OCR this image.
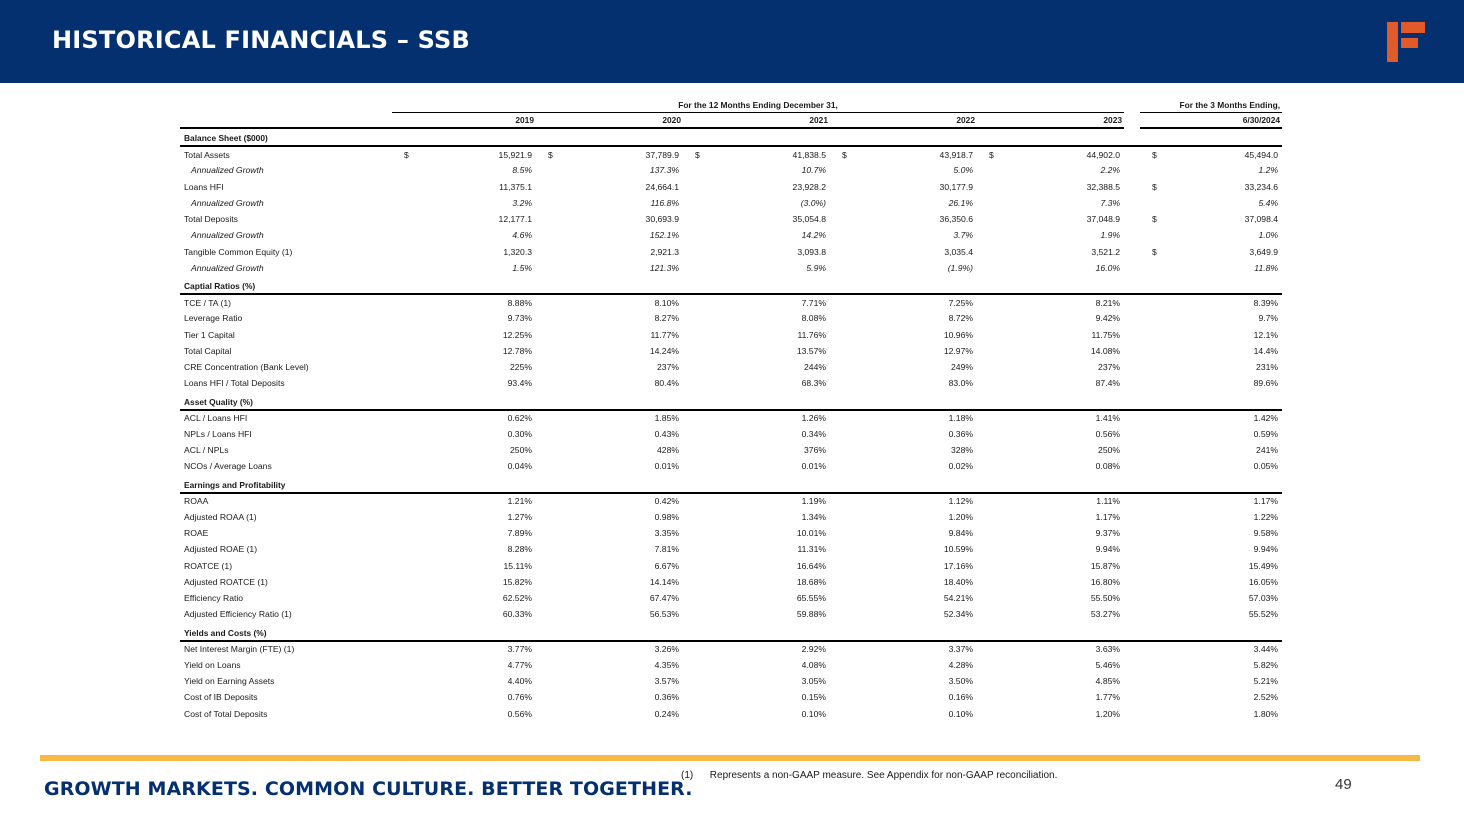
HISTORICAL FINANCIALS – SSB
	For the 12 Months Ending December 31,											For the 3 Months Ending,	
		2019		2020		2021		2022		2023			6/30/2024
Balance Sheet ($000)													
Total Assets	$	15,921.9	$	37,789.9	$	41,838.5	$	43,918.7	$	44,902.0		$	45,494.0
Annualized Growth		8.5%		137.3%		10.7%		5.0%		2.2%			1.2%
Loans HFI		11,375.1		24,664.1		23,928.2		30,177.9		32,388.5		$	33,234.6
Annualized Growth		3.2%		116.8%		(3.0%)		26.1%		7.3%			5.4%
Total Deposits		12,177.1		30,693.9		35,054.8		36,350.6		37,048.9		$	37,098.4
Annualized Growth		4.6%		152.1%		14.2%		3.7%		1.9%			1.0%
Tangible Common Equity (1)		1,320.3		2,921.3		3,093.8		3,035.4		3,521.2		$	3,649.9
Annualized Growth		1.5%		121.3%		5.9%		(1.9%)		16.0%			11.8%
Captial Ratios (%)													
TCE / TA (1)		8.88%		8.10%		7.71%		7.25%		8.21%			8.39%
Leverage Ratio		9.73%		8.27%		8.08%		8.72%		9.42%			9.7%
Tier 1 Capital		12.25%		11.77%		11.76%		10.96%		11.75%			12.1%
Total Capital		12.78%		14.24%		13.57%		12.97%		14.08%			14.4%
CRE Concentration (Bank Level)		225%		237%		244%		249%		237%			231%
Loans HFI / Total Deposits		93.4%		80.4%		68.3%		83.0%		87.4%			89.6%
Asset Quality (%)													
ACL / Loans HFI		0.62%		1.85%		1.26%		1.18%		1.41%			1.42%
NPLs / Loans HFI		0.30%		0.43%		0.34%		0.36%		0.56%			0.59%
ACL / NPLs		250%		428%		376%		328%		250%			241%
NCOs / Average Loans		0.04%		0.01%		0.01%		0.02%		0.08%			0.05%
Earnings and Profitability													
ROAA		1.21%		0.42%		1.19%		1.12%		1.11%			1.17%
Adjusted ROAA (1)		1.27%		0.98%		1.34%		1.20%		1.17%			1.22%
ROAE		7.89%		3.35%		10.01%		9.84%		9.37%			9.58%
Adjusted ROAE (1)		8.28%		7.81%		11.31%		10.59%		9.94%			9.94%
ROATCE (1)		15.11%		6.67%		16.64%		17.16%		15.87%			15.49%
Adjusted ROATCE (1)		15.82%		14.14%		18.68%		18.40%		16.80%			16.05%
Efficiency Ratio		62.52%		67.47%		65.55%		54.21%		55.50%			57.03%
Adjusted Efficiency Ratio (1)		60.33%		56.53%		59.88%		52.34%		53.27%			55.52%
Yields and Costs (%)													
Net Interest Margin (FTE) (1)		3.77%		3.26%		2.92%		3.37%		3.63%			3.44%
Yield on Loans		4.77%		4.35%		4.08%		4.28%		5.46%			5.82%
Yield on Earning Assets		4.40%		3.57%		3.05%		3.50%		4.85%			5.21%
Cost of IB Deposits		0.76%		0.36%		0.15%		0.16%		1.77%			2.52%
Cost of Total Deposits		0.56%		0.24%		0.10%		0.10%		1.20%			1.80%
GROWTH MARKETS. COMMON CULTURE. BETTER TOGETHER.
(1) Represents a non-GAAP measure. See Appendix for non-GAAP reconciliation.
49
